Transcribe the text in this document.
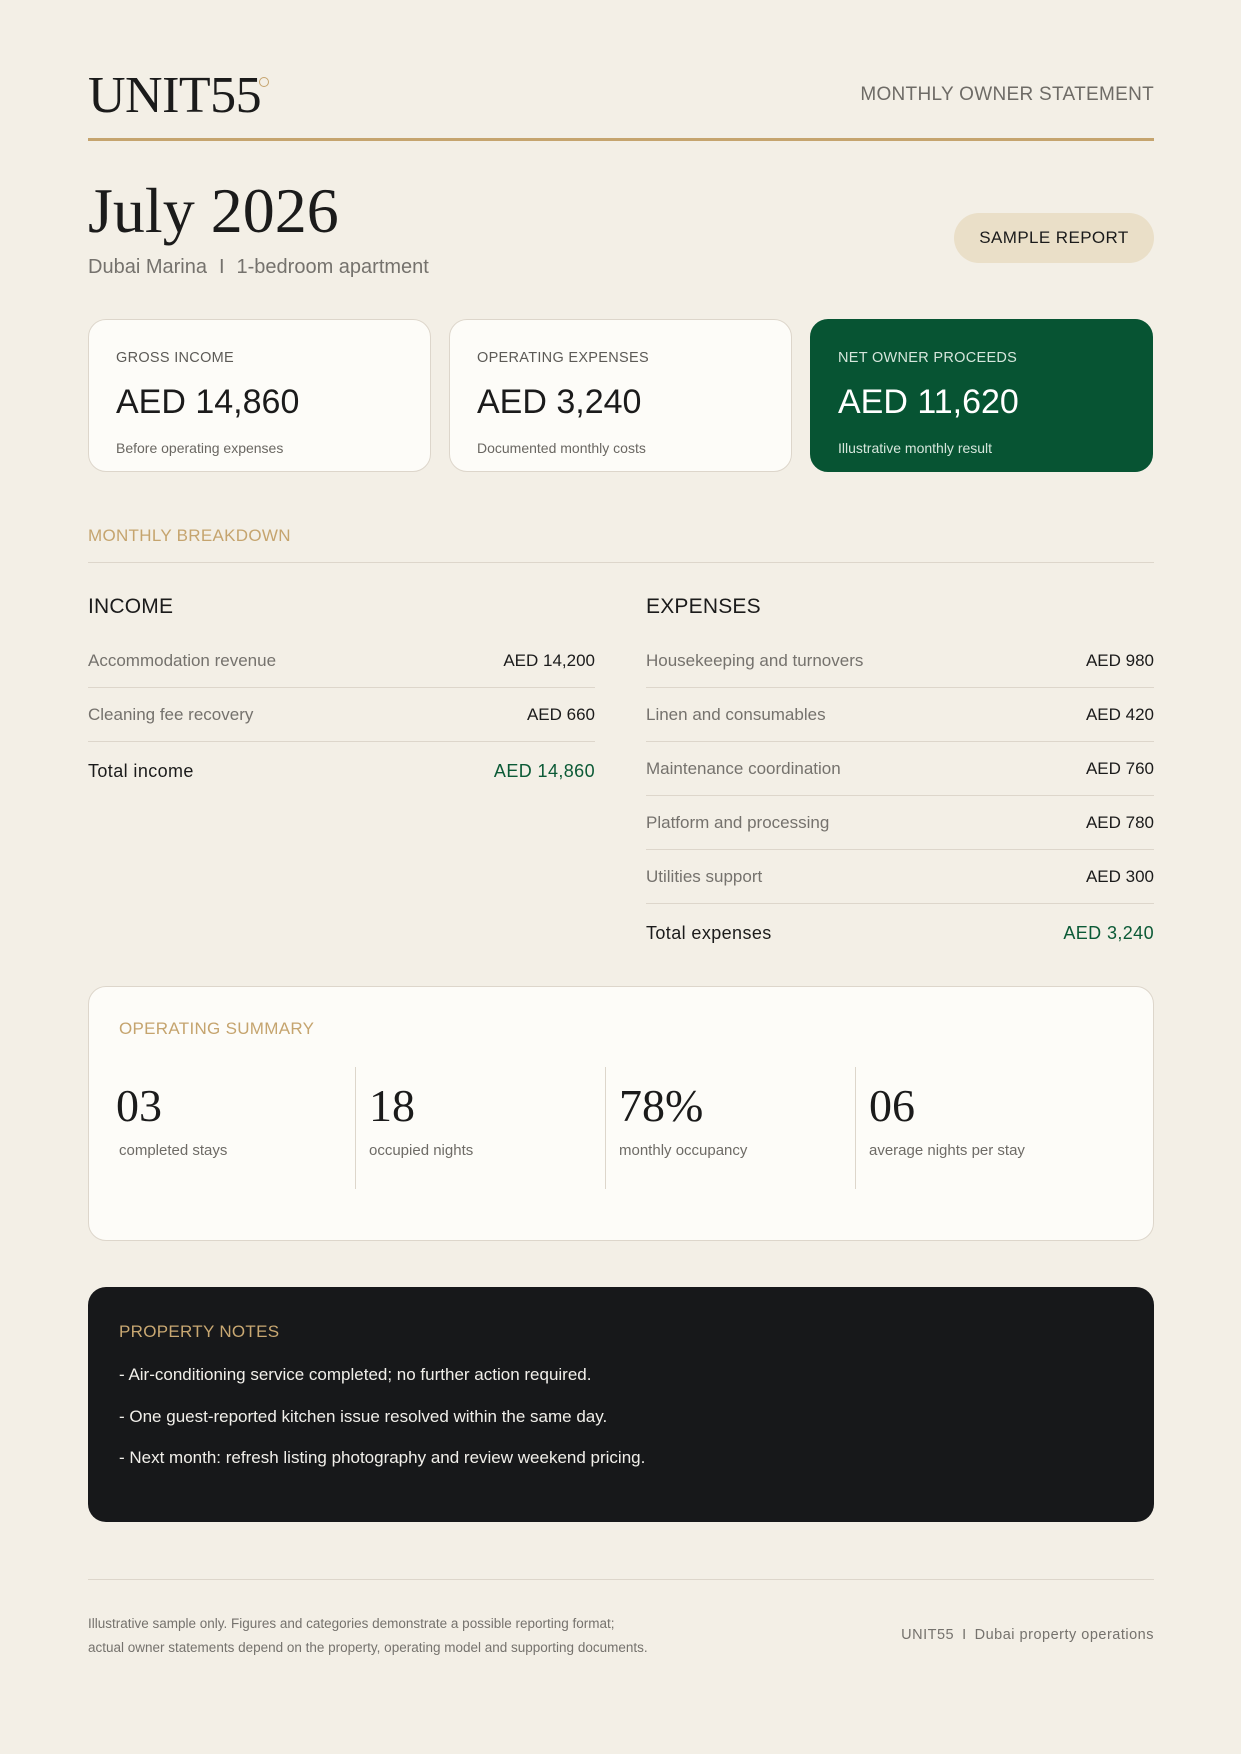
UNIT55	MONTHLY OWNER STATEMENT
July 2026
Dubai Marina I 1-bedroom apartment
SAMPLE REPORT
GROSS INCOME
AED 14,860
Before operating expenses
OPERATING EXPENSES
AED 3,240
Documented monthly costs
NET OWNER PROCEEDS
AED 11,620
Illustrative monthly result
MONTHLY BREAKDOWN
INCOME
Accommodation revenue	AED 14,200
Cleaning fee recovery	AED 660
Total income	AED 14,860
EXPENSES
Housekeeping and turnovers	AED 980
Linen and consumables	AED 420
Maintenance coordination	AED 760
Platform and processing	AED 780
Utilities support	AED 300
Total expenses	AED 3,240
OPERATING SUMMARY
03
completed stays
18
occupied nights
78%
monthly occupancy
06
average nights per stay
PROPERTY NOTES
- Air-conditioning service completed; no further action required.
- One guest-reported kitchen issue resolved within the same day.
- Next month: refresh listing photography and review weekend pricing.
Illustrative sample only. Figures and categories demonstrate a possible reporting format;
actual owner statements depend on the property, operating model and supporting documents.
UNIT55 I Dubai property operations
